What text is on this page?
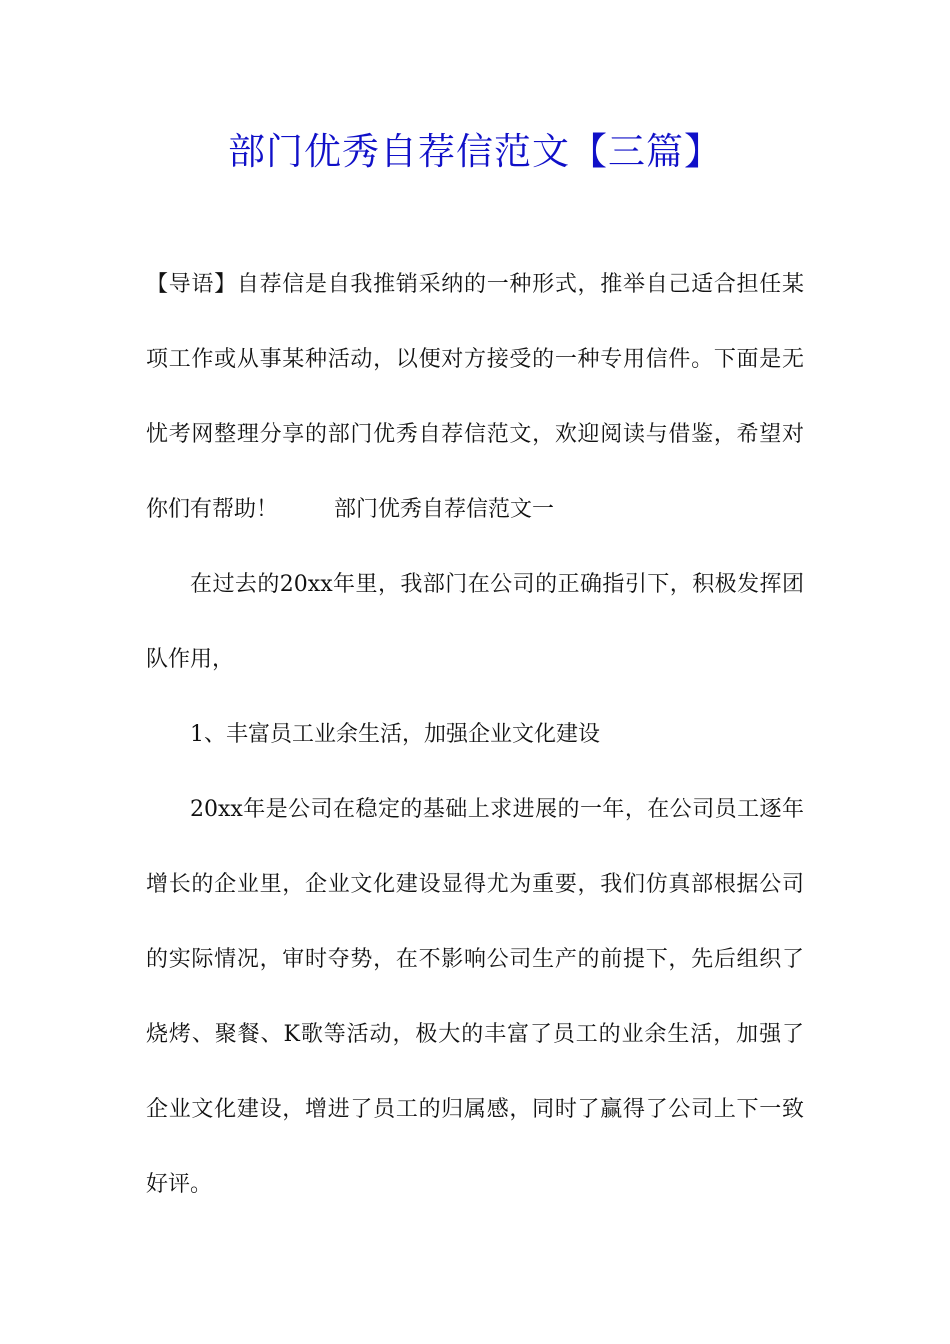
部门优秀自荐信范文【三篇】
【导语】自荐信是自我推销采纳的一种形式，推举自己适合担任某
项工作或从事某种活动，以便对方接受的一种专用信件。下面是无
忧考网整理分享的部门优秀自荐信范文，欢迎阅读与借鉴，希望对
你们有帮助！	部门优秀自荐信范文一
在过去的20xx年里，我部门在公司的正确指引下，积极发挥团
队作用，
1、丰富员工业余生活，加强企业文化建设
20xx年是公司在稳定的基础上求进展的一年，在公司员工逐年
增长的企业里，企业文化建设显得尤为重要，我们仿真部根据公司
的实际情况，审时夺势，在不影响公司生产的前提下，先后组织了
烧烤、聚餐、K歌等活动，极大的丰富了员工的业余生活，加强了
企业文化建设，增进了员工的归属感，同时了赢得了公司上下一致
好评。
